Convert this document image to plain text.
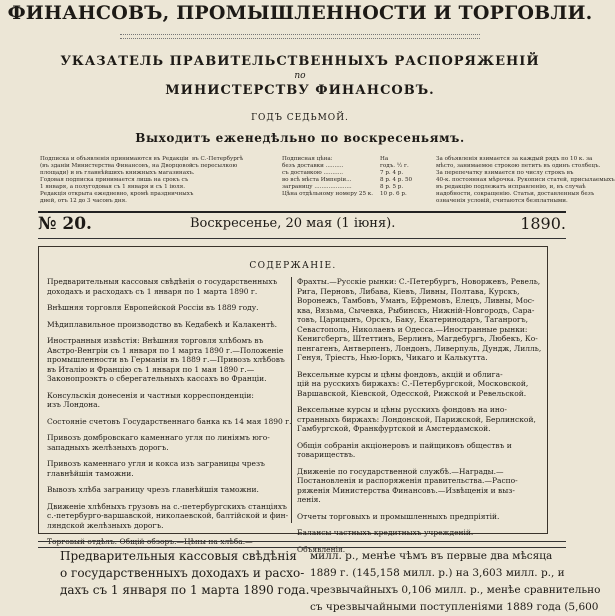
ФИНАНСОВЪ, ПРОМЫШЛЕННОСТИ И ТОРГОВЛИ.
УКАЗАТЕЛЬ ПРАВИТЕЛЬСТВЕННЫХЪ РАСПОРЯЖЕНІЙ
по
МИНИСТЕРСТВУ ФИНАНСОВЪ.
ГОДЪ СЕДЬМОЙ.
Выходитъ еженедѣльно по воскресеньямъ.
Подписка и объявленія принимаются въ Редакціи
(въ зданіи Министерства Финансовъ, на Дворцовой
площади) и въ главнѣйшихъ книжныхъ магазинахъ.
Годовая подписка принимается лишь на срокъ съ
1 января, а полугодовая съ 1 января и съ 1 іюля.
Редакція открыта ежедневно, кромѣ праздничныхъ
дней, отъ 12 до 3 часовъ дня.
въ С.-Петербургѣ
съ пересылкою
Подписная цѣна:
безъ доставки ..........
съ доставкою ...........
во всѣ мѣста Имперіи...
заграницу .....................
Цѣна отдѣльному номеру 25 к.
На
годъ. ½ г.
7 р. 4 р.
8 р. 4 р. 50
8 р. 5 р.
10 р. 6 р.
За объявленія взимается за каждый рядъ по 10 к. за
мѣсто, занимаемое строкою петитъ въ одинъ столбецъ.
За перепечатку взимается по числу строкъ въ
40-к. постоянная мѣрочка. Рукописи статей, присылаемыхъ
въ редакцію подлежатъ исправленію, и, въ случаѣ
надобности, сокращенію. Статьи, доставленныя безъ
означенія условій, считаются безплатными.
№ 20.	Воскресенье, 20 мая (1 іюня).	1890.
СОДЕРЖАНІЕ.
Предварительныя кассовыя свѣдѣнія о государственныхъ
доходахъ и расходахъ съ 1 января по 1 марта 1890 г.
Внѣшняя торговля Европейской Россіи въ 1889 году.
Мѣдиплавильное производство въ Кедабекѣ и Калакентѣ.
Иностранныя извѣстія: Внѣшняя торговля хлѣбомъ въ
Австро-Венгріи съ 1 января по 1 марта 1890 г.—Положеніе
промышленности въ Германіи въ 1889 г.—Привозъ хлѣбовъ
въ Италію и Францію съ 1 января по 1 мая 1890 г.—
Законопроэктъ о сберегательныхъ кассахъ во Франціи.
Консульскія донесенія и частныя корреспонденціи:
изъ Лондона.
Состояніе счетовъ Государственнаго банка къ 14 мая 1890 г.
Привозъ домбровскаго каменнаго угля по линіямъ юго-
западныхъ желѣзныхъ дорогъ.
Привозъ каменнаго угля и кокса изъ заграницы чрезъ
главнѣйшія таможни.
Вывозъ хлѣба заграницу чрезъ главнѣйшія таможни.
Движеніе хлѣбныхъ грузовъ на с.-петербургскихъ станціяхъ
с.-петербурго-варшавской, николаевской, балтійской и фин-
ляндской желѣзныхъ дорогъ.
Торговый отдѣлъ. Общій обзоръ.—Цѣны на хлѣба.—
Фрахты.—Русскіе рынки: С.-Петербургъ, Новоржевъ, Ревель,
Рига, Перновъ, Либава, Кіевъ, Ливны, Полтава, Курскъ,
Воронежъ, Тамбовъ, Уманъ, Ефремовъ, Елецъ, Ливны, Мос-
ква, Вязьма, Сычевка, Рыбинскъ, Нижній-Новгородъ, Сара-
товъ, Царицынъ, Орскъ, Баку, Екатеринодаръ, Таганрогъ,
Севастополь, Николаевъ и Одесса.—Иностранные рынки:
Кенигсбергъ, Штеттинъ, Берлинъ, Магдебургъ, Любекъ, Ко-
пенгагенъ, Антверпенъ, Лондонъ, Ливерпуль, Дундж, Лилль,
Генуя, Тріестъ, Нью-Іоркъ, Чикаго и Калькутта.
Вексельные курсы и цѣны фондовъ, акцій и облига-
цій на русскихъ биржахъ: С.-Петербургской, Московской,
Варшавской, Кіевской, Одесской, Рижской и Ревельской.
Вексельные курсы и цѣны русскихъ фондовъ на ино-
странныхъ биржахъ: Лондонской, Парижской, Берлинской,
Гамбургской, Франкфуртской и Амстердамской.
Общія собранія акціонеровъ и пайщиковъ обществъ и
товариществъ.
Движеніе по государственной службѣ.—Награды.—
Постановленія и распоряженія правительства.—Распо-
ряженія Министерства Финансовъ.—Извѣщенія и выз-
ленія.
Отчеты торговыхъ и промышленныхъ предпріятій.
Балансы частныхъ кредитныхъ учрежденій.
Объявленія.
Предварительныя кассовыя свѣдѣнія
о государственныхъ доходахъ и расхо-
дахъ съ 1 января по 1 марта 1890 года.
милл. р., менѣе чѣмъ въ первые два мѣсяца
1889 г. (145,158 милл. р.) на 3,603 милл. р., и
чрезвычайныхъ 0,106 милл. р., менѣе сравнительно
съ чрезвычайными поступленіями 1889 года (5,600
